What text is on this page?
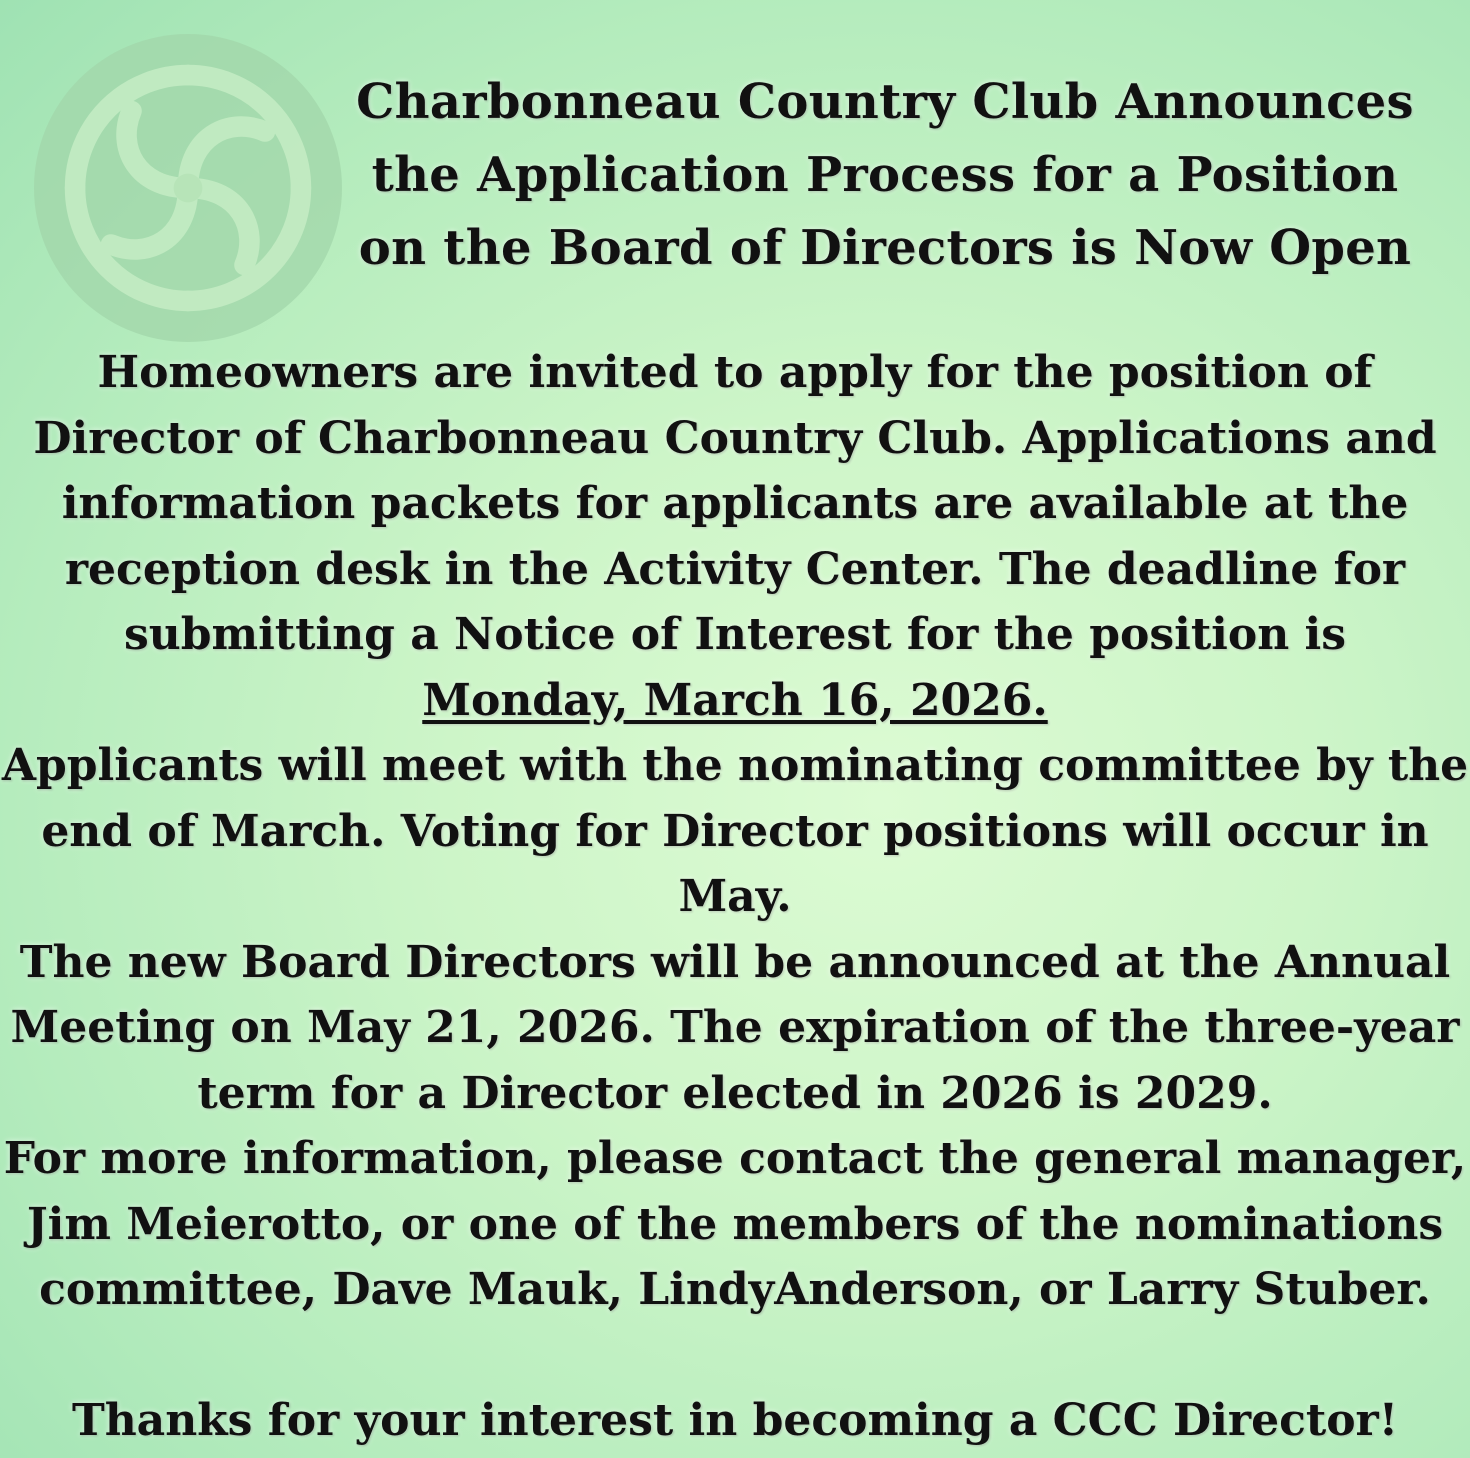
Charbonneau Country Club Announces
the Application Process for a Position
on the Board of Directors is Now Open

Homeowners are invited to apply for the position of
Director of Charbonneau Country Club. Applications and
information packets for applicants are available at the
reception desk in the Activity Center. The deadline for
submitting a Notice of Interest for the position is

Monday, March 16, 2026.

Applicants will meet with the nominating committee by the
end of March. Voting for Director positions will occur in
May.

The new Board Directors will be announced at the Annual
Meeting on May 21, 2026. The expiration of the three-year
term for a Director elected in 2026 is 2029.

For more information, please contact the general manager,
Jim Meierotto, or one of the members of the nominations
committee, Dave Mauk, LindyAnderson, or Larry Stuber.

Thanks for your interest in becoming a CCC Director!
